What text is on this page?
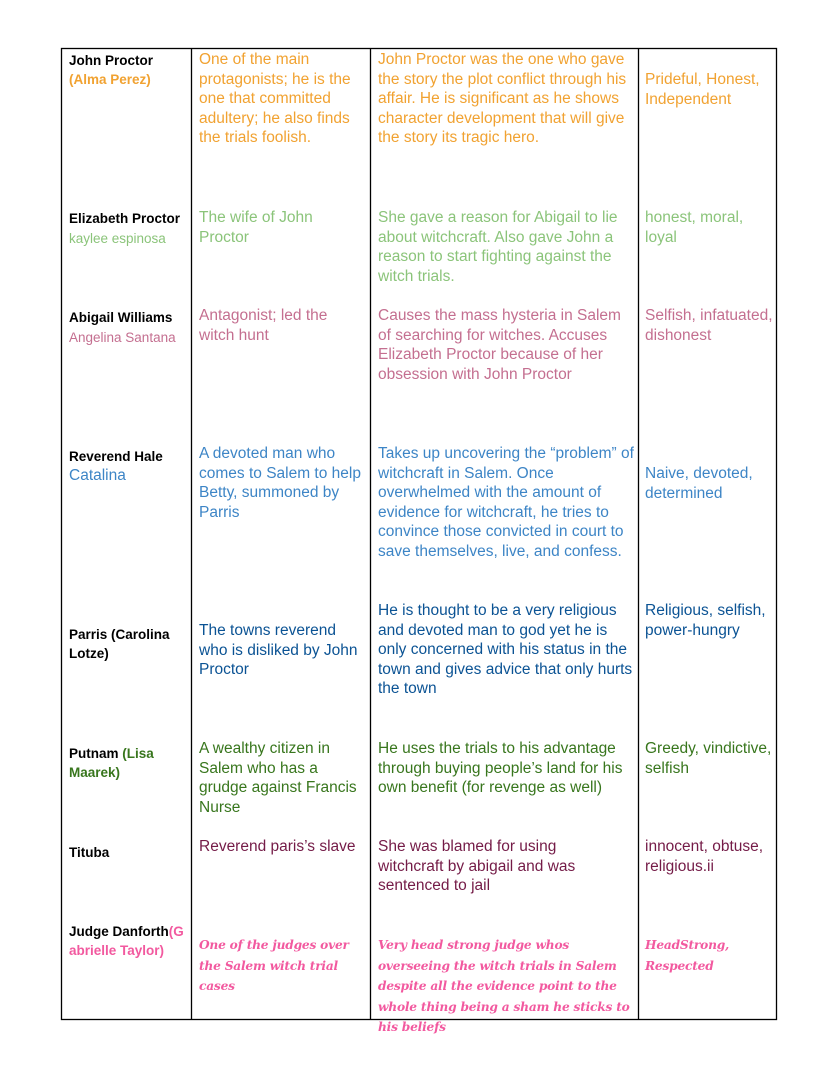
John Proctor
(Alma Perez)
One of the main protagonists; he is the one that committed adultery; he also finds the trials foolish.
John Proctor was the one who gave the story the plot conflict through his affair. He is significant as he shows character development that will give the story its tragic hero.
Prideful, Honest, Independent
Elizabeth Proctor
kaylee espinosa
The wife of John Proctor
She gave a reason for Abigail to lie about witchcraft. Also gave John a reason to start fighting against the witch trials.
honest, moral, loyal
Abigail Williams
Angelina Santana
Antagonist; led the witch hunt
Causes the mass hysteria in Salem of searching for witches. Accuses Elizabeth Proctor because of her obsession with John Proctor
Selfish, infatuated, dishonest
Reverend Hale
Catalina
A devoted man who comes to Salem to help Betty, summoned by Parris
Takes up uncovering the “problem” of witchcraft in Salem. Once overwhelmed with the amount of evidence for witchcraft, he tries to convince those convicted in court to save themselves, live, and confess.
Naive, devoted, determined
Parris (Carolina Lotze)
The towns reverend who is disliked by John Proctor
He is thought to be a very religious and devoted man to god yet he is only concerned with his status in the town and gives advice that only hurts the town
Religious, selfish, power-hungry
Putnam (Lisa Maarek)
A wealthy citizen in Salem who has a grudge against Francis Nurse
He uses the trials to his advantage through buying people’s land for his own benefit (for revenge as well)
Greedy, vindictive, selfish
Tituba	Reverend paris’s slave She was blamed for using witchcraft by abigail and was sentenced to jail
innocent, obtuse, religious.ii
Judge Danforth(Gabrielle Taylor)	One of the judges over the Salem witch trial cases
Very head strong judge whos overseeing the witch trials in Salem despite all the evidence point to the whole thing being a sham he sticks to his beliefs
HeadStrong, Respected
